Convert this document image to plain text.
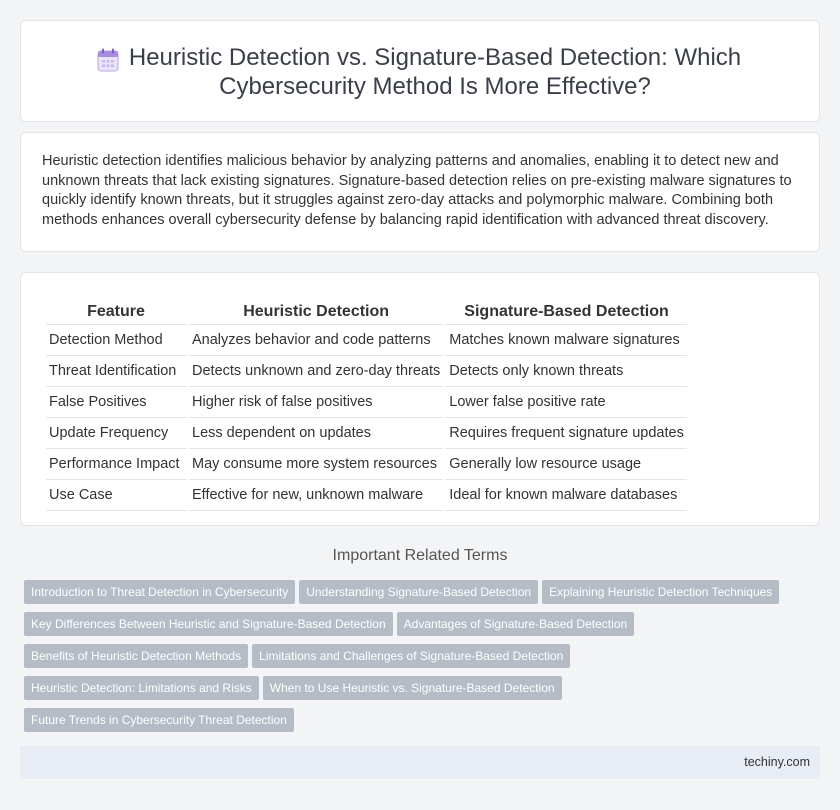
Heuristic Detection vs. Signature-Based Detection: Which Cybersecurity Method Is More Effective?

Heuristic detection identifies malicious behavior by analyzing patterns and anomalies, enabling it to detect new and unknown threats that lack existing signatures. Signature-based detection relies on pre-existing malware signatures to quickly identify known threats, but it struggles against zero-day attacks and polymorphic malware. Combining both methods enhances overall cybersecurity defense by balancing rapid identification with advanced threat discovery.

Feature	Heuristic Detection	Signature-Based Detection
Detection Method	Analyzes behavior and code patterns	Matches known malware signatures
Threat Identification	Detects unknown and zero-day threats	Detects only known threats
False Positives	Higher risk of false positives	Lower false positive rate
Update Frequency	Less dependent on updates	Requires frequent signature updates
Performance Impact	May consume more system resources	Generally low resource usage
Use Case	Effective for new, unknown malware	Ideal for known malware databases
Important Related Terms
Introduction to Threat Detection in Cybersecurity Understanding Signature-Based Detection Explaining Heuristic Detection Techniques
Key Differences Between Heuristic and Signature-Based Detection Advantages of Signature-Based Detection
Benefits of Heuristic Detection Methods Limitations and Challenges of Signature-Based Detection
Heuristic Detection: Limitations and Risks When to Use Heuristic vs. Signature-Based Detection
Future Trends in Cybersecurity Threat Detection
techiny.com
